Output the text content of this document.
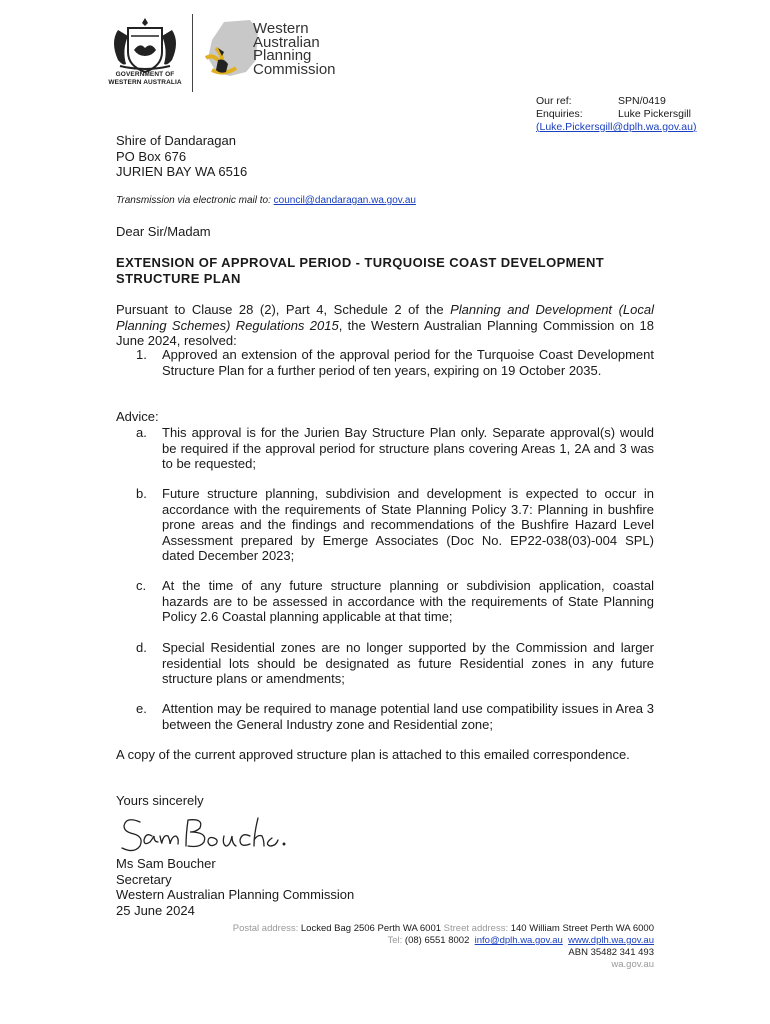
GOVERNMENT OF
WESTERN AUSTRALIA
Western
Australian
Planning
Commission
Our ref:	SPN/0419
Enquiries:	Luke Pickersgill
(Luke.Pickersgill@dplh.wa.gov.au)
Shire of Dandaragan
PO Box 676
JURIEN BAY WA 6516
Transmission via electronic mail to: council@dandaragan.wa.gov.au
Dear Sir/Madam
EXTENSION OF APPROVAL PERIOD - TURQUOISE COAST DEVELOPMENT STRUCTURE PLAN
Pursuant to Clause 28 (2), Part 4, Schedule 2 of the Planning and Development (Local Planning Schemes) Regulations 2015, the Western Australian Planning Commission on 18 June 2024, resolved:
1.	Approved an extension of the approval period for the Turquoise Coast Development Structure Plan for a further period of ten years, expiring on 19 October 2035.
Advice:
a.	This approval is for the Jurien Bay Structure Plan only. Separate approval(s) would be required if the approval period for structure plans covering Areas 1, 2A and 3 was to be requested;
b.	Future structure planning, subdivision and development is expected to occur in accordance with the requirements of State Planning Policy 3.7: Planning in bushfire prone areas and the findings and recommendations of the Bushfire Hazard Level Assessment prepared by Emerge Associates (Doc No. EP22-038(03)-004 SPL) dated December 2023;
c.	At the time of any future structure planning or subdivision application, coastal hazards are to be assessed in accordance with the requirements of State Planning Policy 2.6 Coastal planning applicable at that time;
d.	Special Residential zones are no longer supported by the Commission and larger residential lots should be designated as future Residential zones in any future structure plans or amendments;
e.	Attention may be required to manage potential land use compatibility issues in Area 3 between the General Industry zone and Residential zone;
A copy of the current approved structure plan is attached to this emailed correspondence.
Yours sincerely
Ms Sam Boucher
Secretary
Western Australian Planning Commission
25 June 2024
Postal address: Locked Bag 2506 Perth WA 6001 Street address: 140 William Street Perth WA 6000
Tel: (08) 6551 8002 info@dplh.wa.gov.au www.dplh.wa.gov.au
ABN 35482 341 493
wa.gov.au
